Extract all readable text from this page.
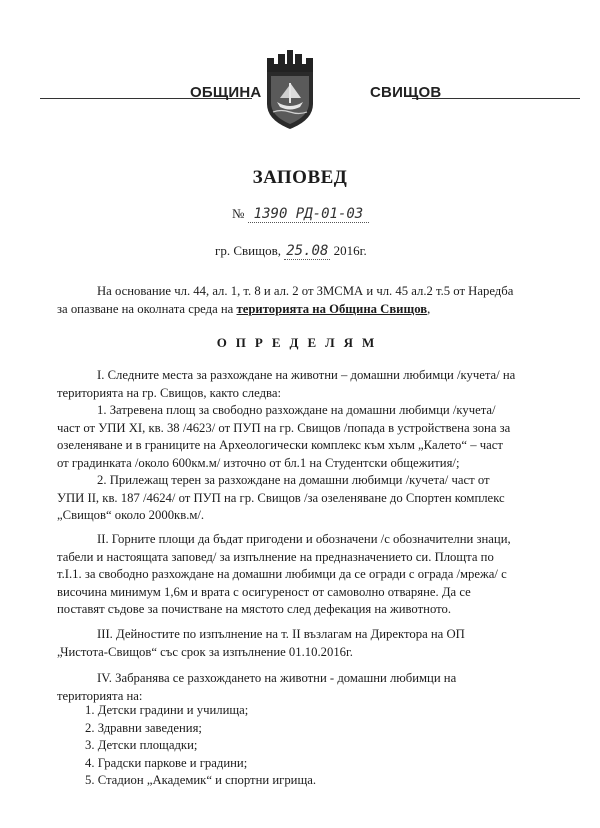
ОБЩИНА	СВИЩОВ
ЗАПОВЕД
№ 1390 РД-01-03
гр. Свищов, 25.08 2016г.
На основание чл. 44, ал. 1, т. 8 и ал. 2 от ЗМСМА и чл. 45 ал.2 т.5 от Наредба
за опазване на околната среда на територията на Община Свищов,
ОПРЕДЕЛЯМ
I. Следните места за разхождане на животни – домашни любимци /кучета/ на
територията на гр. Свищов, както следва:
1. Затревена площ за свободно разхождане на домашни любимци /кучета/
част от УПИ XI, кв. 38 /4623/ от ПУП на гр. Свищов /попада в устройствена зона за
озеленяване и в границите на Археологически комплекс към хълм „Калето“ – част
от градинката /около 600км.м/ източно от бл.1 на Студентски общежития/;
2. Прилежащ терен за разхождане на домашни любимци /кучета/ част от
УПИ II, кв. 187 /4624/ от ПУП на гр. Свищов /за озеленяване до Спортен комплекс
„Свищов“ около 2000кв.м/.
II. Горните площи да бъдат пригодени и обозначени /с обозначителни знаци,
табели и настоящата заповед/ за изпълнение на предназначението си. Площта по
т.I.1. за свободно разхождане на домашни любимци да се огради с ограда /мрежа/ с
височина минимум 1,6м и врата с осигуреност от самоволно отваряне. Да се
поставят съдове за почистване на мястото след дефекация на животното.
III. Дейностите по изпълнение на т. II възлагам на Директора на ОП
„Чистота-Свищов“ със срок за изпълнение 01.10.2016г.
IV. Забранява се разхождането на животни - домашни любимци на
територията на:
1. Детски градини и училища;
2. Здравни заведения;
3. Детски площадки;
4. Градски паркове и градини;
5. Стадион „Академик“ и спортни игрища.
